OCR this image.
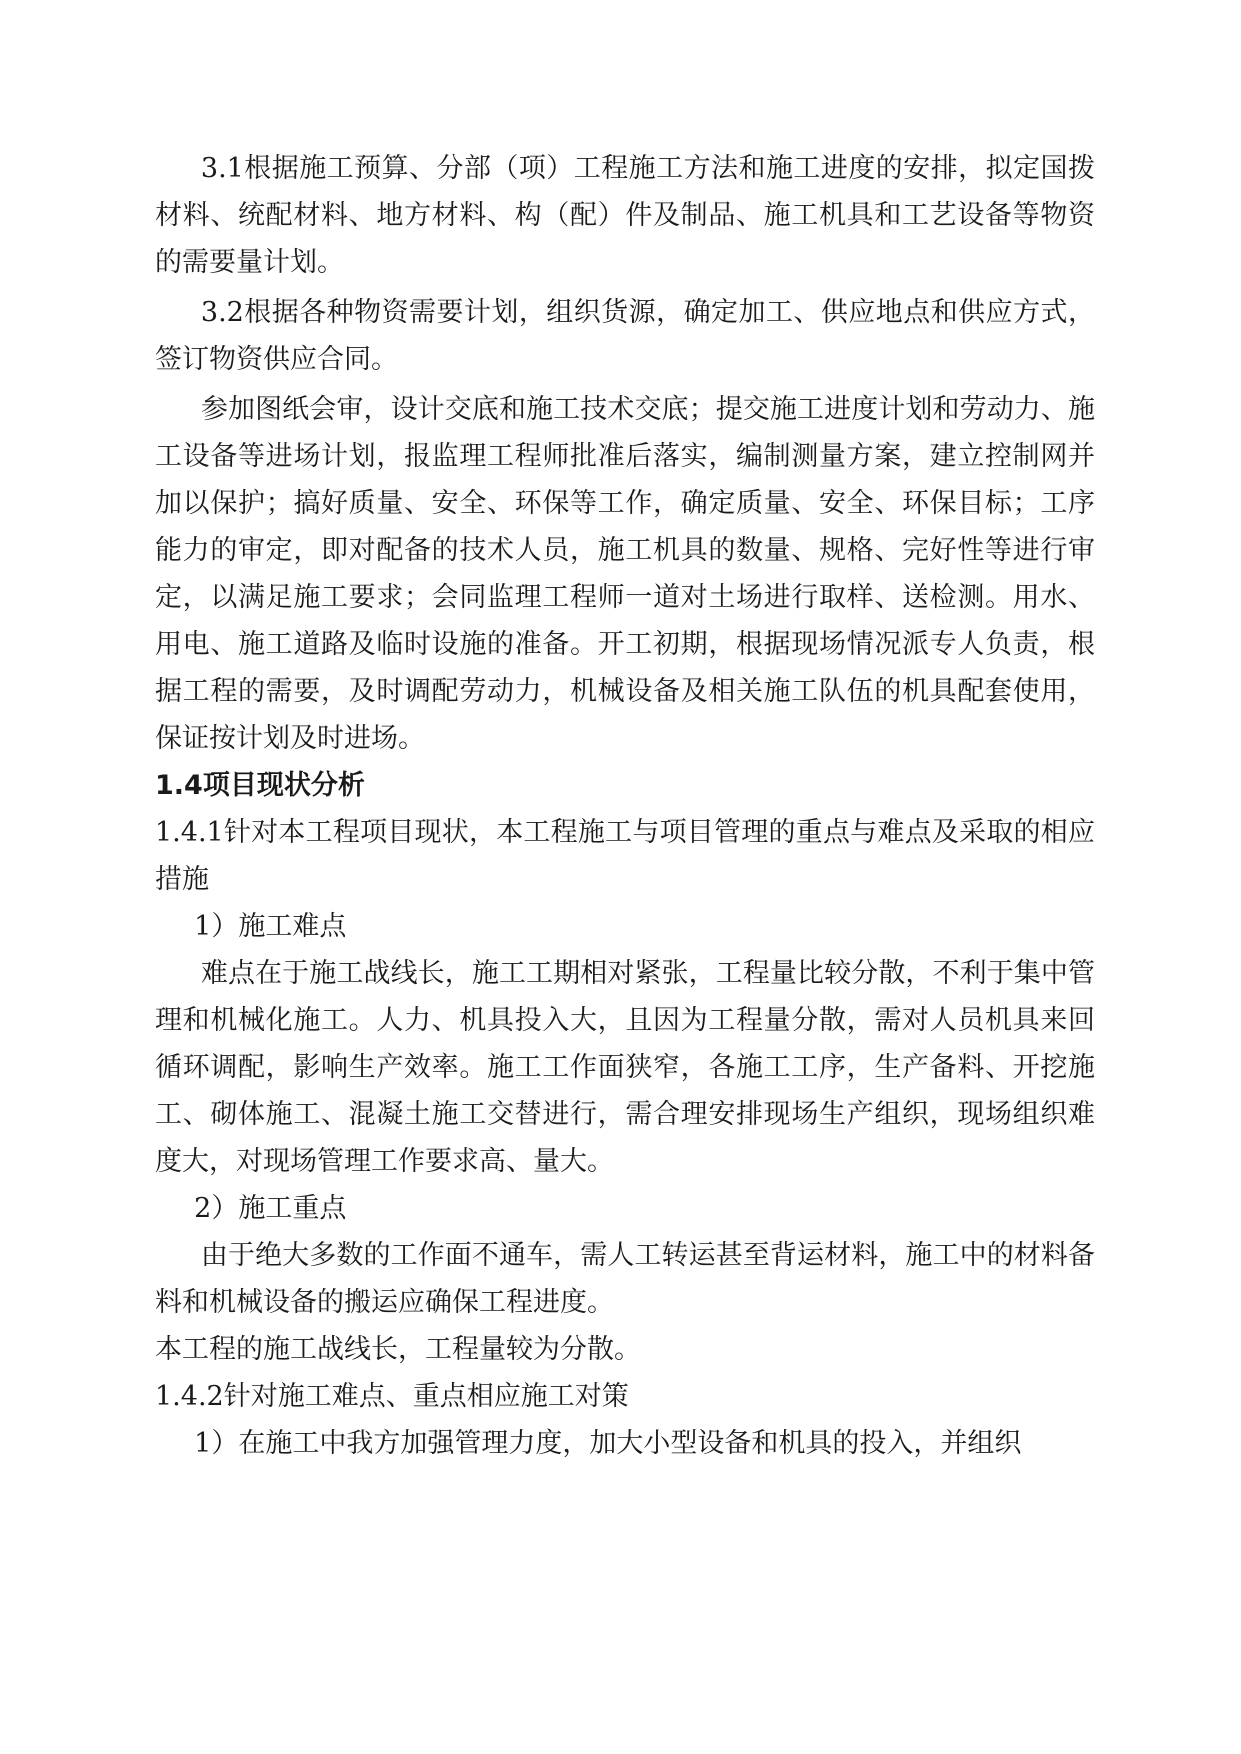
3.1根据施工预算、分部（项）工程施工方法和施工进度的安排，拟定国拨材料、统配材料、地方材料、构（配）件及制品、施工机具和工艺设备等物资的需要量计划。

3.2根据各种物资需要计划，组织货源，确定加工、供应地点和供应方式，签订物资供应合同。

参加图纸会审，设计交底和施工技术交底；提交施工进度计划和劳动力、施工设备等进场计划，报监理工程师批准后落实，编制测量方案，建立控制网并加以保护；搞好质量、安全、环保等工作，确定质量、安全、环保目标；工序能力的审定，即对配备的技术人员，施工机具的数量、规格、完好性等进行审定，以满足施工要求；会同监理工程师一道对土场进行取样、送检测。用水、用电、施工道路及临时设施的准备。开工初期，根据现场情况派专人负责，根据工程的需要，及时调配劳动力，机械设备及相关施工队伍的机具配套使用，保证按计划及时进场。

1.4项目现状分析

1.4.1针对本工程项目现状，本工程施工与项目管理的重点与难点及采取的相应措施

1）施工难点

难点在于施工战线长，施工工期相对紧张，工程量比较分散，不利于集中管理和机械化施工。人力、机具投入大，且因为工程量分散，需对人员机具来回循环调配，影响生产效率。施工工作面狭窄，各施工工序，生产备料、开挖施工、砌体施工、混凝土施工交替进行，需合理安排现场生产组织，现场组织难度大，对现场管理工作要求高、量大。

2）施工重点

由于绝大多数的工作面不通车，需人工转运甚至背运材料，施工中的材料备料和机械设备的搬运应确保工程进度。

本工程的施工战线长，工程量较为分散。

1.4.2针对施工难点、重点相应施工对策

1）在施工中我方加强管理力度，加大小型设备和机具的投入，并组织
